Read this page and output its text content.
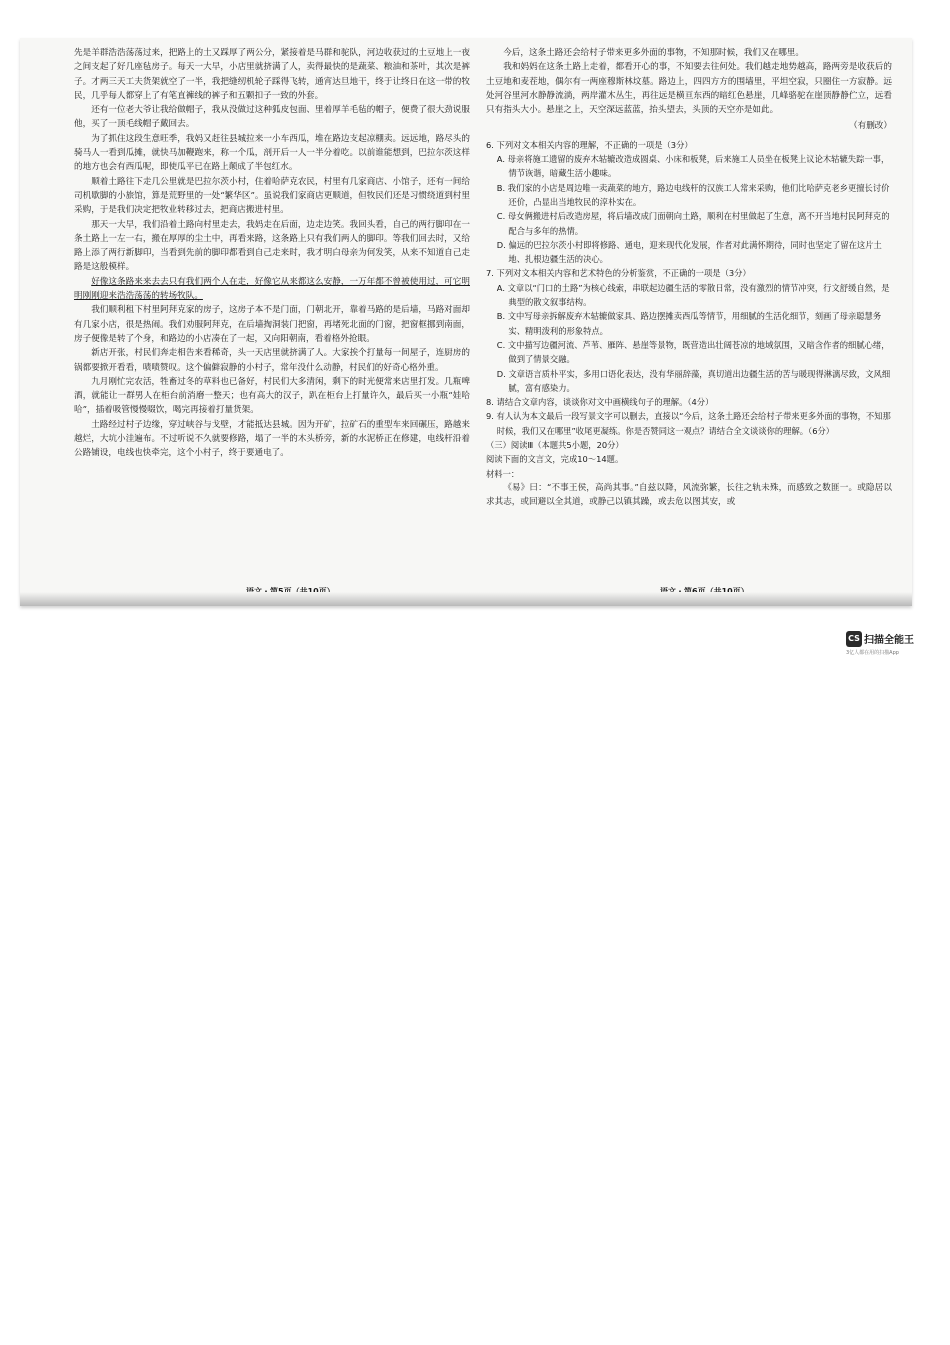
先是羊群浩浩荡荡过来，把路上的土又踩厚了两公分，紧接着是马群和驼队，河边收获过的土豆地上一夜之间支起了好几座毡房子。每天一大早，小店里就挤满了人，卖得最快的是蔬菜、粮油和茶叶，其次是裤子。才两三天工夫货架就空了一半，我把缝纫机轮子踩得飞转，通宵达旦地干，终于让终日在这一带的牧民，几乎每人都穿上了有笔直褲线的裤子和五颗扣子一致的外套。

还有一位老大爷让我给做帽子，我从没做过这种狐皮包面、里着厚羊毛毡的帽子，便费了很大劲说服他，买了一顶毛线帽子戴回去。

为了抓住这段生意旺季，我妈又赶往县城拉来一小车西瓜，堆在路边支起凉棚卖。远远地，路尽头的骑马人一看到瓜摊，就快马加鞭跑来，称一个瓜，剖开后一人一半分着吃。以前谁能想到，巴拉尔茨这样的地方也会有西瓜呢，即使瓜平已在路上颠成了半包红水。

顺着土路往下走几公里就是巴拉尔茨小村，住着哈萨克农民，村里有几家商店、小馆子，还有一间给司机歇脚的小旅馆，算是荒野里的一处“繁华区”。虽说我们家商店更顺道，但牧民们还是习惯绕道到村里采购，于是我们决定把牧业转移过去，把商店搬进村里。

那天一大早，我们沿着土路向村里走去，我妈走在后面，边走边笑。我回头看，自己的两行脚印在一条土路上一左一右，搬在厚厚的尘土中，再看来路，这条路上只有我们两人的脚印。等我们回去时，又给路上添了两行新脚印，当看到先前的脚印都看到自己走来时，我才明白母亲为何发笑，从来不知道自己走路是这般模样。

好像这条路来来去去只有我们两个人在走，好像它从来都这么安静，一万年都不曾被使用过，可它明明刚刚迎来浩浩荡荡的转场牧队。

我们顺利租下村里阿拜克家的房子，这房子本不是门面，门朝北开，靠着马路的是后墙，马路对面却有几家小店，很是热闹。我们劝服阿拜克，在后墙掏洞装门把窗，再堵死北面的门窗，把窗框挪到南面，房子便像是转了个身，和路边的小店凑在了一起，又向阳朝南，看着格外抢眼。

新店开张，村民们奔走相告来看稀奇，头一天店里就挤满了人。大家挨个打量每一间屋子，连厨房的锅都要掀开看看，啧啧赞叹。这个偏僻寂静的小村子，常年没什么动静，村民们的好奇心格外重。

九月刚忙完农活，牲畜过冬的草料也已备好，村民们大多清闲，剩下的时光便常来店里打发。几瓶啤酒，就能让一群男人在柜台前消磨一整天；也有高大的汉子，趴在柜台上打量许久，最后买一小瓶“娃哈哈”，插着吸管慢慢啜饮，喝完再接着打量货架。

土路经过村子边缘，穿过峡谷与戈壁，才能抵达县城。因为开矿，拉矿石的重型车来回碾压，路越来越烂，大坑小洼遍布。不过听说不久就要修路，塌了一半的木头桥旁，新的水泥桥正在修建，电线杆沿着公路铺设，电线也快牵完，这个小村子，终于要通电了。

今后，这条土路还会给村子带来更多外面的事物，不知那时候，我们又在哪里。

我和妈妈在这条土路上走着，都看开心的事，不知要去往何处。我们越走地势越高，路两旁是收获后的土豆地和麦茬地，偶尔有一两座穆斯林坟墓。路边上，四四方方的围墙里，平坦空寂，只圈住一方寂静。远处河谷里河水静静流淌，两岸灌木丛生，再往远是横亘东西的暗红色悬崖，几峰骆驼在崖顶静静伫立，远看只有指头大小。悬崖之上，天空深远蓝蓝，抬头望去，头顶的天空亦是如此。

（有删改）
6. 下列对文本相关内容的理解，不正确的一项是（3分）
A. 母亲将施工遗留的废弃木轱辘改造成圆桌、小床和板凳，后来施工人员坐在板凳上议论木轱辘失踪一事，情节诙谐，暗藏生活小趣味。
B. 我们家的小店是周边唯一卖蔬菜的地方，路边电线杆的汉族工人常来采购，他们比哈萨克老乡更擅长讨价还价，凸显出当地牧民的淳朴实在。
C. 母女俩搬进村后改造房屋，将后墙改成门面朝向土路，顺利在村里做起了生意，离不开当地村民阿拜克的配合与多年的热情。
D. 偏远的巴拉尔茨小村即将修路、通电，迎来现代化发展，作者对此满怀期待，同时也坚定了留在这片土地、扎根边疆生活的决心。
7. 下列对文本相关内容和艺术特色的分析鉴赏，不正确的一项是（3分）
A. 文章以“门口的土路”为核心线索，串联起边疆生活的零散日常，没有激烈的情节冲突，行文舒缓自然，是典型的散文叙事结构。
B. 文中写母亲拆解废弃木轱辘做家具、路边摆摊卖西瓜等情节，用细腻的生活化细节，刻画了母亲聪慧务实、精明泼利的形象特点。
C. 文中描写边疆河流、芦苇、雁阵、悬崖等景物，既营造出壮阔苍凉的地域氛围，又暗含作者的细腻心绪，做到了情景交融。
D. 文章语言质朴平实，多用口语化表达，没有华丽辞藻，真切道出边疆生活的苦与暖现得淋漓尽致，文风细腻，富有感染力。
8. 请结合文章内容，谈谈你对文中画横线句子的理解。（4分）
9. 有人认为本文最后一段写景文字可以删去，直接以“今后，这条土路还会给村子带来更多外面的事物，不知那时候，我们又在哪里”收尾更凝练。你是否赞同这一观点？请结合全文谈谈你的理解。（6分）
（三）阅读Ⅲ（本题共5小题，20分）
阅读下面的文言文，完成10～14题。
材料一：

《易》曰：“不事王侯，高尚其事。”自兹以降，风流弥繁，长往之轨未殊，而感致之数匪一。或隐居以求其志，或回避以全其道，或静己以镇其躁，或去危以图其安，或

CS 扫描全能王
3亿人都在用的扫描App
